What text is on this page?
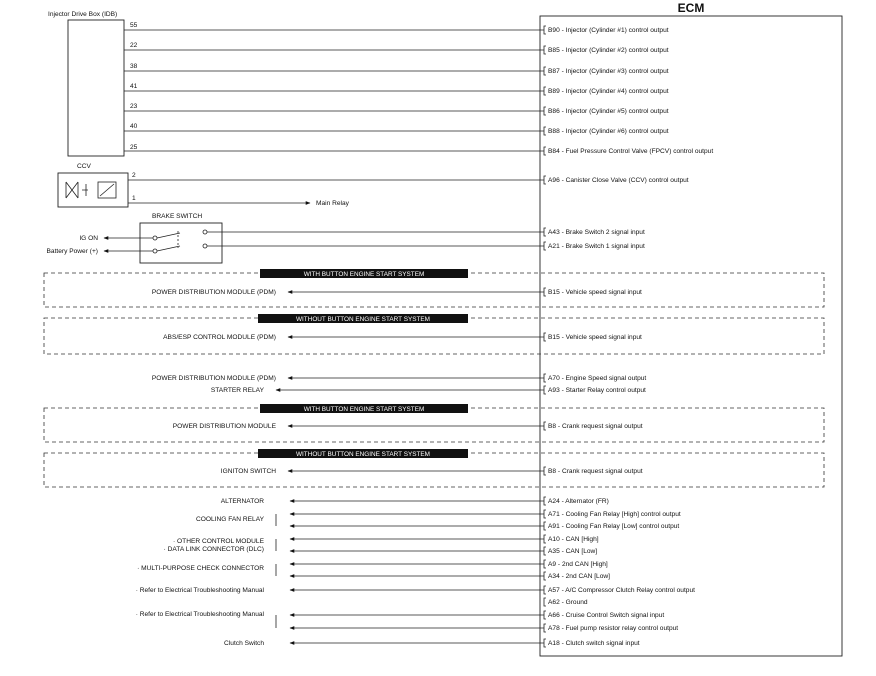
ECM
Injector Drive Box (IDB)
55
B90 - Injector (Cylinder #1) control output
22
B85 - Injector (Cylinder #2) control output
38
B87 - Injector (Cylinder #3) control output
41
B89 - Injector (Cylinder #4) control output
23
B86 - Injector (Cylinder #5) control output
40
B88 - Injector (Cylinder #6) control output
25
B84 - Fuel Pressure Control Valve (FPCV) control output
CCV
2
A96 - Canister Close Valve (CCV) control output
1
Main Relay
BRAKE SWITCH
A43 - Brake Switch 2 signal input
A21 - Brake Switch 1 signal input
IG ON
Battery Power (+)
WITH BUTTON ENGINE START SYSTEM
POWER DISTRIBUTION MODULE (PDM)	B15 - Vehicle speed signal input
WITHOUT BUTTON ENGINE START SYSTEM
ABS/ESP CONTROL MODULE (PDM)	B15 - Vehicle speed signal input
POWER DISTRIBUTION MODULE (PDM)	A70 - Engine Speed signal output
STARTER RELAY	A93 - Starter Relay control output
WITH BUTTON ENGINE START SYSTEM
POWER DISTRIBUTION MODULE	B8 - Crank request signal output
WITHOUT BUTTON ENGINE START SYSTEM
IGNITON SWITCH	B8 - Crank request signal output
ALTERNATOR	A24 - Alternator (FR)
COOLING FAN RELAY
A71 - Cooling Fan Relay [High] control output
A91 - Cooling Fan Relay [Low] control output
· OTHER CONTROL MODULE
· DATA LINK CONNECTOR (DLC)
A10 - CAN [High]
A35 - CAN [Low]
· MULTI-PURPOSE CHECK CONNECTOR
A9 - 2nd CAN [High]
A34 - 2nd CAN [Low]
· Refer to Electrical Troubleshooting Manual	A57 - A/C Compressor Clutch Relay control output
A62 - Ground
· Refer to Electrical Troubleshooting Manual	A66 - Cruise Control Switch signal input
A78 - Fuel pump resistor relay control output
Clutch Switch	A18 - Clutch switch signal input
